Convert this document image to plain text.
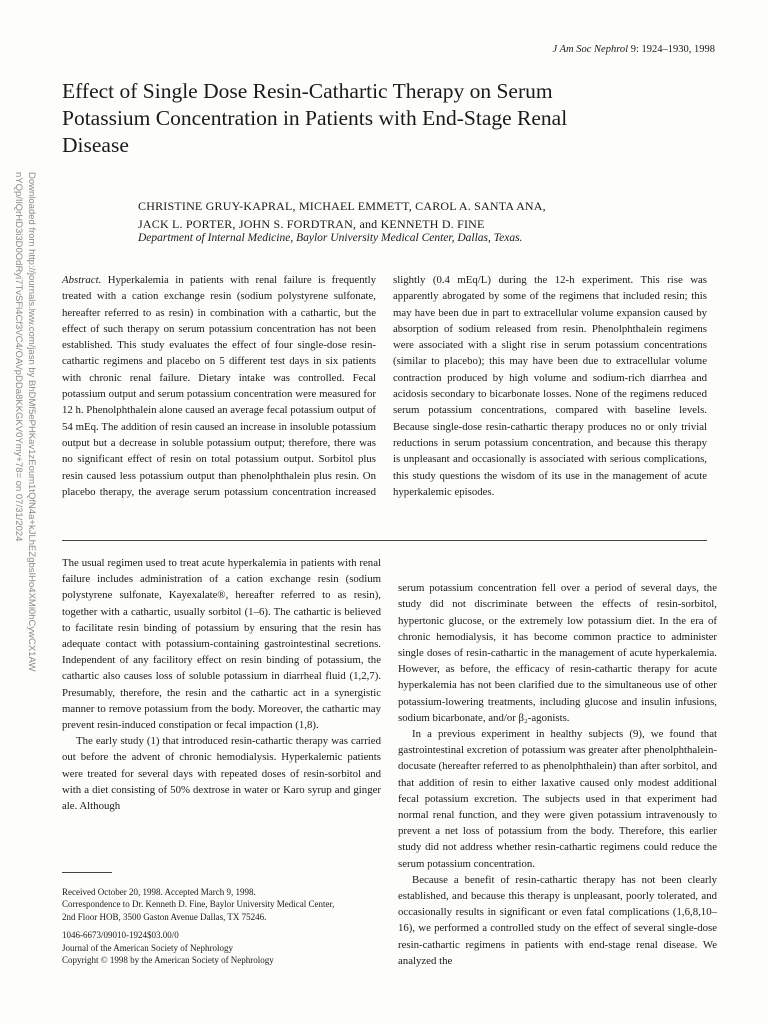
J Am Soc Nephrol 9: 1924–1930, 1998
Effect of Single Dose Resin-Cathartic Therapy on Serum
Potassium Concentration in Patients with End-Stage Renal
Disease
CHRISTINE GRUY-KAPRAL, MICHAEL EMMETT, CAROL A. SANTA ANA,
JACK L. PORTER, JOHN S. FORDTRAN, and KENNETH D. FINE
Department of Internal Medicine, Baylor University Medical Center, Dallas, Texas.
Downloaded from http://journals.lww.com/jasn by BhDMf5ePHKav1zEoum1tQfN4a+kJLhEZgbsIHo4XMi0hCywCX1AW nYQp/IlQrHD3i3D0OdRyi7TvSFl4Cf3VC4/OAVpDDa8KKGKV0Ymy+78= on 07/31/2024	Abstract. Hyperkalemia in patients with renal failure is frequently treated with a cation exchange resin (sodium polystyrene sulfonate, hereafter referred to as resin) in combination with a cathartic, but the effect of such therapy on serum potassium concentration has not been established. This study evaluates the effect of four single-dose resin-cathartic regimens and placebo on 5 different test days in six patients with chronic renal failure. Dietary intake was controlled. Fecal potassium output and serum potassium concentration were measured for 12 h. Phenolphthalein alone caused an average fecal potassium output of 54 mEq. The addition of resin caused an increase in insoluble potassium output but a decrease in soluble potassium output; therefore, there was no significant effect of resin on total potassium output. Sorbitol plus resin caused less potassium output than phenolphthalein plus resin. On placebo therapy, the average serum potassium concentration increased slightly (0.4 mEq/L) during the 12-h experiment. This rise was apparently abrogated by some of the regimens that included resin; this may have been due in part to extracellular volume expansion caused by absorption of sodium released from resin. Phenolphthalein regimens were associated with a slight rise in serum potassium concentrations (similar to placebo); this may have been due to extracellular volume contraction produced by high volume and sodium-rich diarrhea and acidosis secondary to bicarbonate losses. None of the regimens reduced serum potassium concentrations, compared with baseline levels. Because single-dose resin-cathartic therapy produces no or only trivial reductions in serum potassium concentration, and because this therapy is unpleasant and occasionally is associated with serious complications, this study questions the wisdom of its use in the management of acute hyperkalemic episodes.

The usual regimen used to treat acute hyperkalemia in patients with renal failure includes administration of a cation exchange resin (sodium polystyrene sulfonate, Kayexalate®, hereafter referred to as resin), together with a cathartic, usually sorbitol (1–6). The cathartic is believed to facilitate resin binding of potassium by ensuring that the resin has adequate contact with potassium-containing gastrointestinal secretions. Independent of any facilitory effect on resin binding of potassium, the cathartic also causes loss of soluble potassium in diarrheal fluid (1,2,7). Presumably, therefore, the resin and the cathartic act in a synergistic manner to remove potassium from the body. Moreover, the cathartic may prevent resin-induced constipation or fecal impaction (1,8).

The early study (1) that introduced resin-cathartic therapy was carried out before the advent of chronic hemodialysis. Hyperkalemic patients were treated for several days with repeated doses of resin-sorbitol and with a diet consisting of 50% dextrose in water or Karo syrup and ginger ale. Although

serum potassium concentration fell over a period of several days, the study did not discriminate between the effects of resin-sorbitol, hypertonic glucose, or the extremely low potassium diet. In the era of chronic hemodialysis, it has become common practice to administer single doses of resin-cathartic in the management of acute hyperkalemia. However, as before, the efficacy of resin-cathartic therapy for acute hyperkalemia has not been clarified due to the simultaneous use of other potassium-lowering treatments, including glucose and insulin infusions, sodium bicarbonate, and/or β₂-agonists.

In a previous experiment in healthy subjects (9), we found that gastrointestinal excretion of potassium was greater after phenolphthalein-docusate (hereafter referred to as phenolphthalein) than after sorbitol, and that addition of resin to either laxative caused only modest additional fecal potassium excretion. The subjects used in that experiment had normal renal function, and they were given potassium intravenously to prevent a net loss of potassium from the body. Therefore, this earlier study did not address whether resin-cathartic regimens could reduce the serum potassium concentration.

Because a benefit of resin-cathartic therapy has not been clearly established, and because this therapy is unpleasant, poorly tolerated, and occasionally results in significant or even fatal complications (1,6,8,10–16), we performed a controlled study on the effect of several single-dose resin-cathartic regimens in patients with end-stage renal disease. We analyzed the

Received October 20, 1998. Accepted March 9, 1998.
Correspondence to Dr. Kenneth D. Fine, Baylor University Medical Center,
2nd Floor HOB, 3500 Gaston Avenue Dallas, TX 75246.
1046-6673/09010-1924$03.00/0
Journal of the American Society of Nephrology
Copyright © 1998 by the American Society of Nephrology
